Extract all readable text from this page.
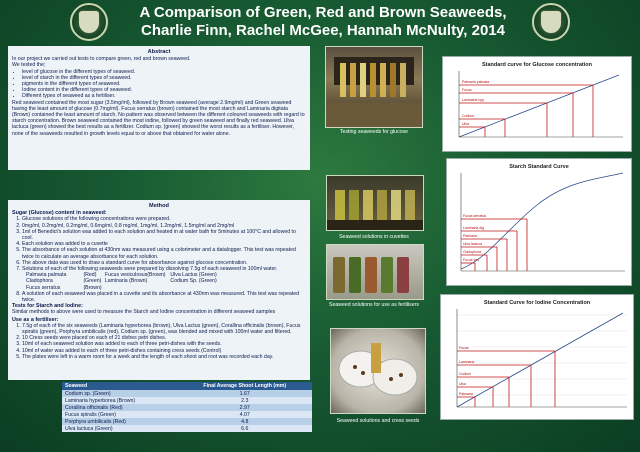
A Comparison of Green, Red and Brown Seaweeds,
Charlie Finn, Rachel McGee, Hannah McNulty, 2014
Abstract
In our project we carried out tests to compare green, red and brown seaweed.
We tested the;
• level of glucose in the different types of seaweed.
• level of starch in the different types of seaweed.
• pigments in the different types of seaweed.
• Iodine content in the different types of seaweed.
• Different types of seaweed as a fertiliser.
Red seaweed contained the most sugar (3.5mg/ml), followed by Brown seaweed (average 2.9mg/ml) and Green seaweed having the least amount of glucose (0.7mg/ml). Fucus serratus (brown) contained the most starch and Laminaria digitata (Brown) contained the least amount of starch. No pattern was observed between the different coloured seaweeds with regard to starch concentration. Brown seaweed contained the most iodine, followed by green seaweed and finally red seaweed. Ulva lactuca (green) showed the best results as a fertilizer. Codium sp. (green) showed the worst results as a fertiliser. However, none of the seaweeds resulted in growth levels equal to or above that obtained for water alone.
Method
Sugar (Glucose) content in seaweed:
1. Glucose solutions of the following concentrations were prepared.
2. 0mg/ml, 0.2mg/ml, 0.2mg/ml, 0.6mg/ml, 0.8 mg/ml, 1mg/ml, 1.2mg/ml, 1.5mg/ml and 2mg/ml
3. 1ml of Benedict's solution was added to each solution and heated in at water bath for 5minutes at 100°C and allowed to cool.
4. Each solution was added to a cuvette
5. The absorbance of each solution at 430nm was measured using a colorimeter and a datalogger. This test was repeated twice to calculate an average absorbance for each solution.
6. The above data was used to draw a standard curve for absorbance against glucose concentration.
7. Solutions of each of the following seaweeds were prepared by dissolving 7.5g of each seaweed in 100ml water.
Palmaria palmata	(Red) Fucus vesiculosus(Brown) Ulva Lactus (Green)
Cladophora	(Green) Laminaria (Brown)	Codium Sp. (Green)
Fucus serratus	(Brown)
8. A solution of each seaweed was placed in a cuvette and its absorbance at 430nm was measured. This test was repeated twice.
Tests for Starch and Iodine:
Similar methods to above were used to measure the Starch and Iodine concentration in different seaweed samples
Use as a fertiliser:
1. 7.5g of each of the six seaweeds (Laminaria hyperborea (brown), Ulva Lactus (green), Corallina officinalis (brown), Fucus spiralis (green), Porphyra umbilicalis (red), Codium sp. (green), was blended and mixed with 100ml water and filtered.
2. 10 Cress seeds were placed on each of 21 dishes petri dishes.
3. 10ml of each seaweed solution was added to each of three petri-dishes with the seeds.
4. 10ml of water was added to each of three petri-dishes containing cress seeds (Control)
5. The plates were left in a warm room for a week and the length of each shoot and root was recorded each day.
Seaweed	Final Average Shoot Length (mm)
Codium sp. (Green)	1.67
Laminaria hyperborea (Brown)	2.3
Corallina officinalis (Red)	2.97
Fucus spiralis (Green)	4.07
Porphyra umbilicalis (Red)	4.8
Ulva lactuca (Green)	6.6
Testing seaweeds for glucose
Seaweed solutions in cuvettes
Seaweed solutions for use as fertilisers
Seaweed solutions and cress seeds
Standard curve for Glucose concentration
Palmaria palmata
Fucus
Laminaria hyp
Codium
Ulva
Starch Standard Curve
Fucus serratus
Laminaria dig
Palmaria
Ulva lactuca
Cladophora
Fucus ves
Standard Curve for Iodine Concentration
Fucus
Laminaria
Codium
Ulva
Palmaria
